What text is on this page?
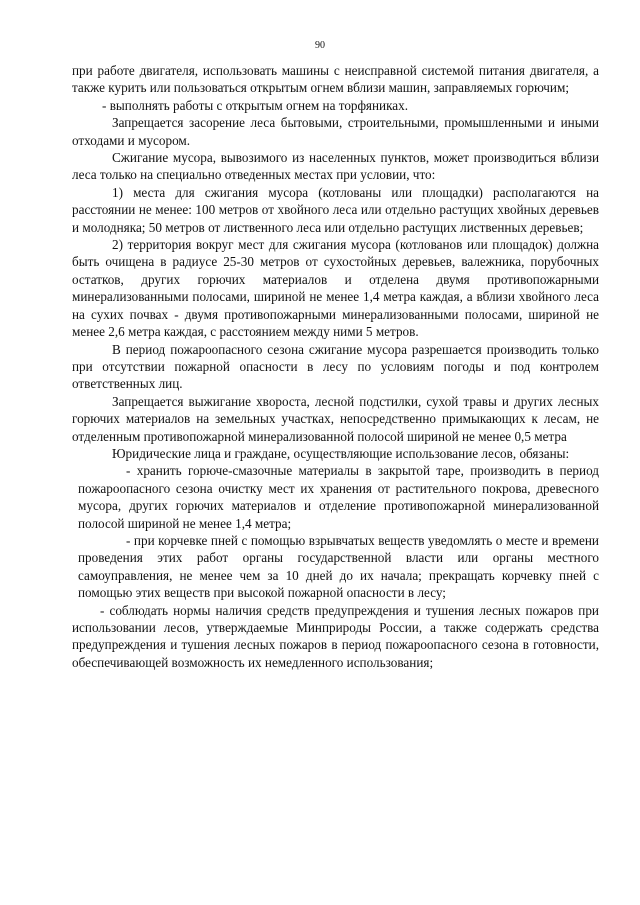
90

при работе двигателя, использовать машины с неисправной системой питания двигателя, а также курить или пользоваться открытым огнем вблизи машин, заправляемых горючим;

- выполнять работы с открытым огнем на торфяниках.

Запрещается засорение леса бытовыми, строительными, промышленными и иными отходами и мусором.

Сжигание мусора, вывозимого из населенных пунктов, может производиться вблизи леса только на специально отведенных местах при условии, что:

1) места для сжигания мусора (котлованы или площадки) располагаются на расстоянии не менее: 100 метров от хвойного леса или отдельно растущих хвойных деревьев и молодняка; 50 метров от лиственного леса или отдельно растущих лиственных деревьев;

2) территория вокруг мест для сжигания мусора (котлованов или площадок) должна быть очищена в радиусе 25-30 метров от сухостойных деревьев, валежника, порубочных остатков, других горючих материалов и отделена двумя противопожарными минерализованными полосами, шириной не менее 1,4 метра каждая, а вблизи хвойного леса на сухих почвах - двумя противопожарными минерализованными полосами, шириной не менее 2,6 метра каждая, с расстоянием между ними 5 метров.

В период пожароопасного сезона сжигание мусора разрешается производить только при отсутствии пожарной опасности в лесу по условиям погоды и под контролем ответственных лиц.

Запрещается выжигание хвороста, лесной подстилки, сухой травы и других лесных горючих материалов на земельных участках, непосредственно примыкающих к лесам, не отделенным противопожарной минерализованной полосой шириной не менее 0,5 метра

Юридические лица и граждане, осуществляющие использование лесов, обязаны:

- хранить горюче-смазочные материалы в закрытой таре, производить в период пожароопасного сезона очистку мест их хранения от растительного покрова, древесного мусора, других горючих материалов и отделение противопожарной минерализованной полосой шириной не менее 1,4 метра;

- при корчевке пней с помощью взрывчатых веществ уведомлять о месте и времени проведения этих работ органы государственной власти или органы местного самоуправления, не менее чем за 10 дней до их начала; прекращать корчевку пней с помощью этих веществ при высокой пожарной опасности в лесу;

- соблюдать нормы наличия средств предупреждения и тушения лесных пожаров при использовании лесов, утверждаемые Минприроды России, а также содержать средства предупреждения и тушения лесных пожаров в период пожароопасного сезона в готовности, обеспечивающей возможность их немедленного использования;
